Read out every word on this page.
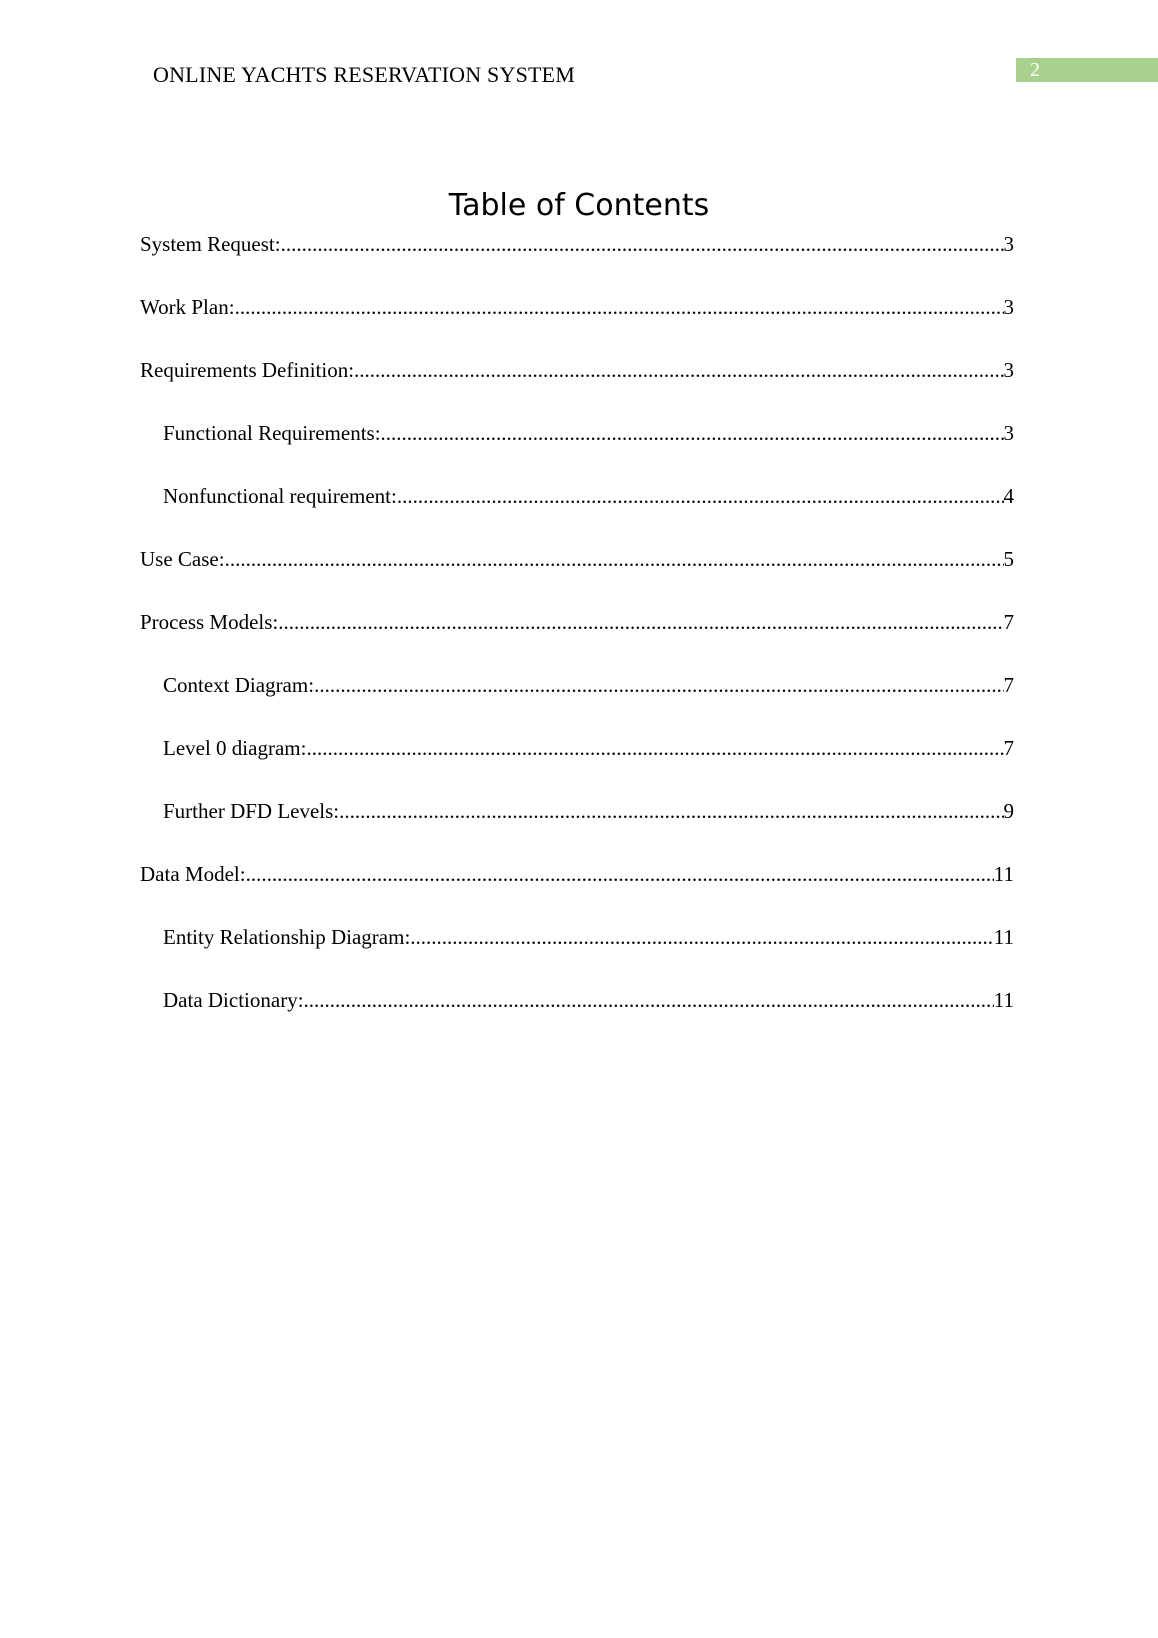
ONLINE YACHTS RESERVATION SYSTEM	2
Table of Contents
System Request: .....	3
Work Plan: .....	3
Requirements Definition: .....	3
Functional Requirements: .....	3
Nonfunctional requirement: .....	4
Use Case: .....	5
Process Models: .....	7
Context Diagram: .....	7
Level 0 diagram: .....	7
Further DFD Levels: .....	9
Data Model: .....	11
Entity Relationship Diagram: .....	11
Data Dictionary: .....	11
